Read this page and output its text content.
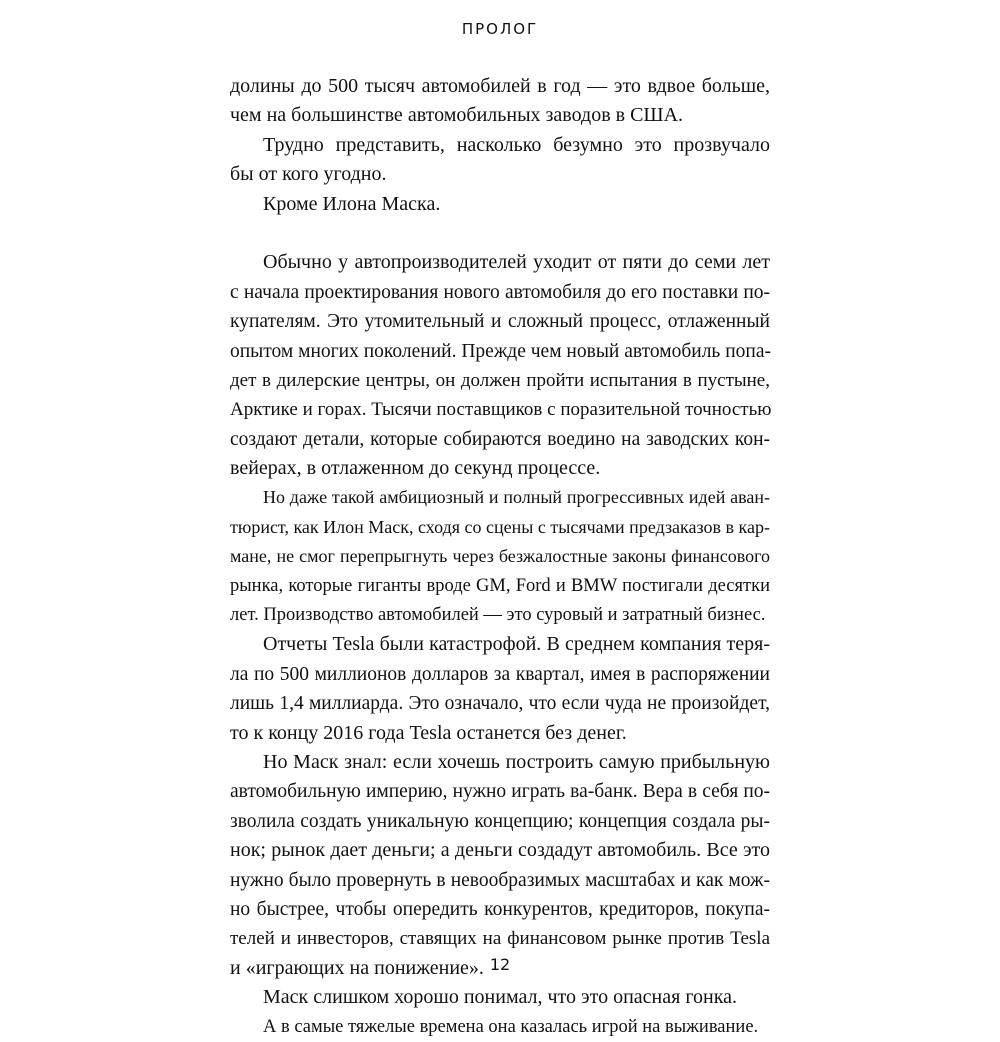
ПРОЛОГ
долины до 500 тысяч автомобилей в год — это вдвое больше,
чем на большинстве автомобильных заводов в США.
Трудно представить, насколько безумно это прозвучало
бы от кого угодно.
Кроме Илона Маска.
Обычно у автопроизводителей уходит от пяти до семи лет
с начала проектирования нового автомобиля до его поставки по-
купателям. Это утомительный и сложный процесс, отлаженный
опытом многих поколений. Прежде чем новый автомобиль попа-
дет в дилерские центры, он должен пройти испытания в пустыне,
Арктике и горах. Тысячи поставщиков с поразительной точностью
создают детали, которые собираются воедино на заводских кон-
вейерах, в отлаженном до секунд процессе.
Но даже такой амбициозный и полный прогрессивных идей аван-
тюрист, как Илон Маск, сходя со сцены с тысячами предзаказов в кар-
мане, не смог перепрыгнуть через безжалостные законы финансового
рынка, которые гиганты вроде GM, Ford и BMW постигали десятки
лет. Производство автомобилей — это суровый и затратный бизнес.
Отчеты Tesla были катастрофой. В среднем компания теря-
ла по 500 миллионов долларов за квартал, имея в распоряжении
лишь 1,4 миллиарда. Это означало, что если чуда не произойдет,
то к концу 2016 года Tesla останется без денег.
Но Маск знал: если хочешь построить самую прибыльную
автомобильную империю, нужно играть ва-банк. Вера в себя по-
зволила создать уникальную концепцию; концепция создала ры-
нок; рынок дает деньги; а деньги создадут автомобиль. Все это
нужно было провернуть в невообразимых масштабах и как мож-
но быстрее, чтобы опередить конкурентов, кредиторов, покупа-
телей и инвесторов, ставящих на финансовом рынке против Tesla
и «играющих на понижение».
Маск слишком хорошо понимал, что это опасная гонка.
А в самые тяжелые времена она казалась игрой на выживание.
12
